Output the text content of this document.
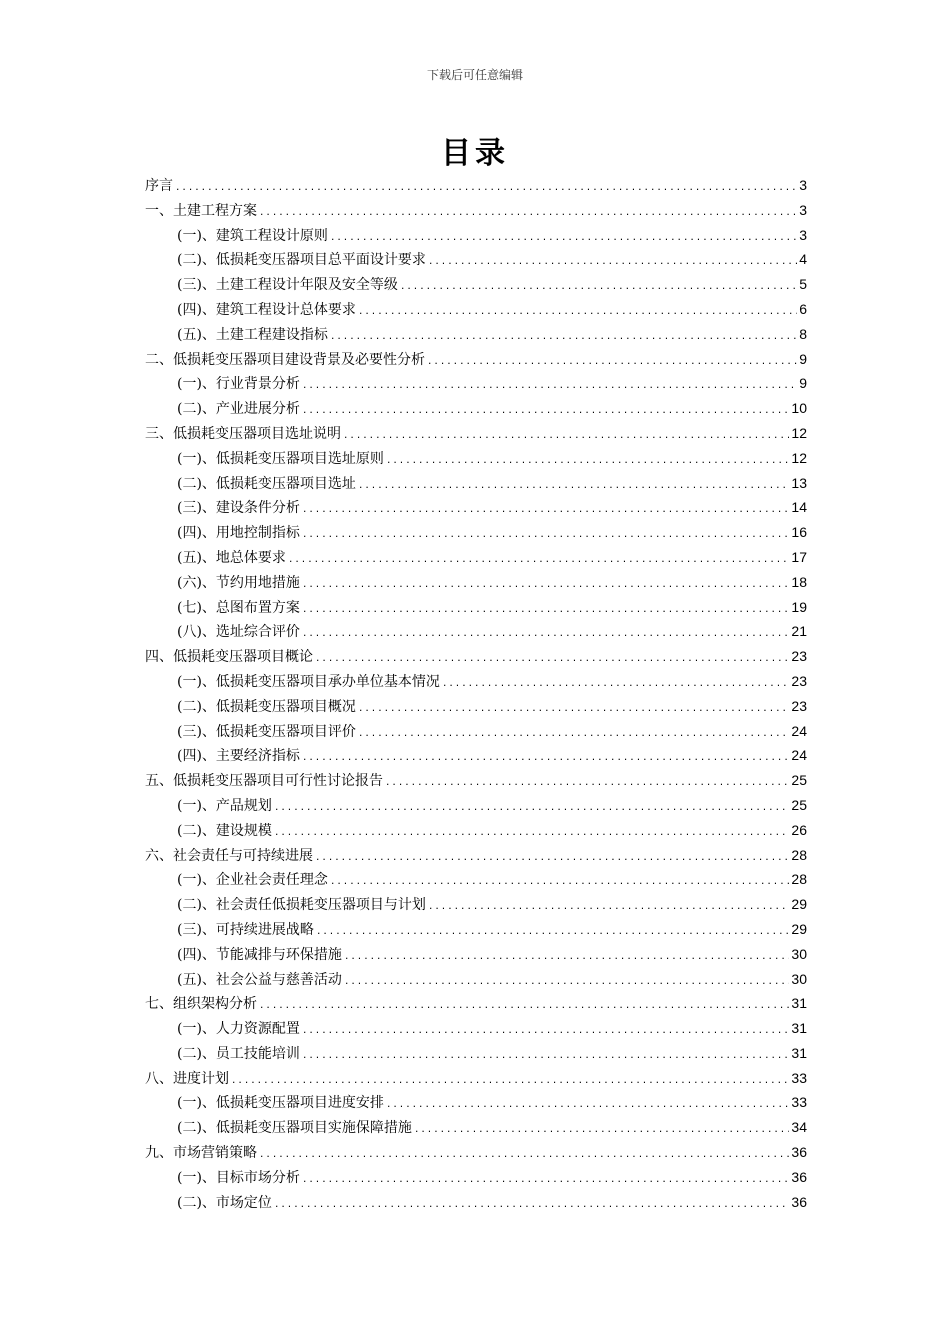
下载后可任意编辑
目录
序言 .....	3
一、土建工程方案 .....	3
(一)、建筑工程设计原则 .....	3
(二)、低损耗变压器项目总平面设计要求 .....	4
(三)、土建工程设计年限及安全等级 .....	5
(四)、建筑工程设计总体要求 .....	6
(五)、土建工程建设指标 .....	8
二、低损耗变压器项目建设背景及必要性分析 .....	9
(一)、行业背景分析 .....	9
(二)、产业进展分析 .....	10
三、低损耗变压器项目选址说明 .....	12
(一)、低损耗变压器项目选址原则 .....	12
(二)、低损耗变压器项目选址 .....	13
(三)、建设条件分析 .....	14
(四)、用地控制指标 .....	16
(五)、地总体要求 .....	17
(六)、节约用地措施 .....	18
(七)、总图布置方案 .....	19
(八)、选址综合评价 .....	21
四、低损耗变压器项目概论 .....	23
(一)、低损耗变压器项目承办单位基本情况 .....	23
(二)、低损耗变压器项目概况 .....	23
(三)、低损耗变压器项目评价 .....	24
(四)、主要经济指标 .....	24
五、低损耗变压器项目可行性讨论报告 .....	25
(一)、产品规划 .....	25
(二)、建设规模 .....	26
六、社会责任与可持续进展 .....	28
(一)、企业社会责任理念 .....	28
(二)、社会责任低损耗变压器项目与计划 .....	29
(三)、可持续进展战略 .....	29
(四)、节能减排与环保措施 .....	30
(五)、社会公益与慈善活动 .....	30
七、组织架构分析 .....	31
(一)、人力资源配置 .....	31
(二)、员工技能培训 .....	31
八、进度计划 .....	33
(一)、低损耗变压器项目进度安排 .....	33
(二)、低损耗变压器项目实施保障措施 .....	34
九、市场营销策略 .....	36
(一)、目标市场分析 .....	36
(二)、市场定位 .....	36
